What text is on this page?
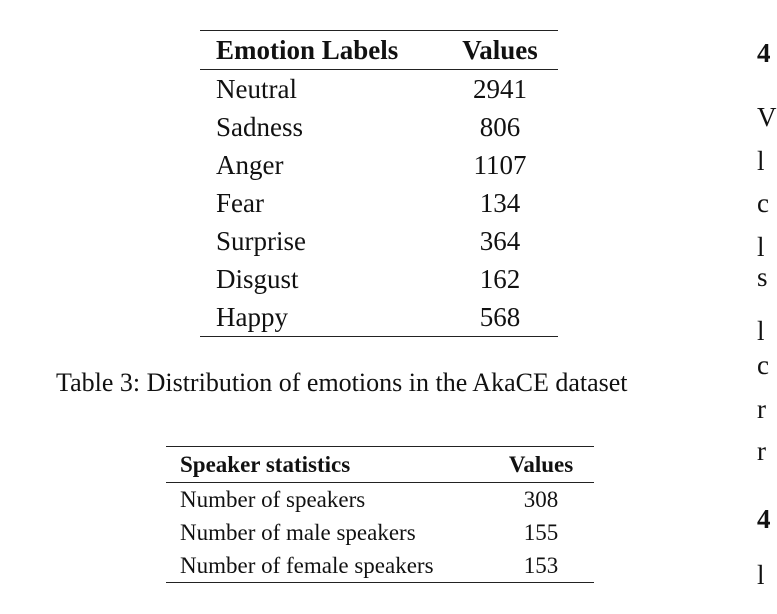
Emotion Labels	Values
Neutral	2941
Sadness	806
Anger	1107
Fear	134
Surprise	364
Disgust	162
Happy	568
Table 3: Distribution of emotions in the AkaCE dataset
Speaker statistics	Values
Number of speakers	308
Number of male speakers	155
Number of female speakers	153
4
V
l
c
l
s
l
c
r
r
4
l
